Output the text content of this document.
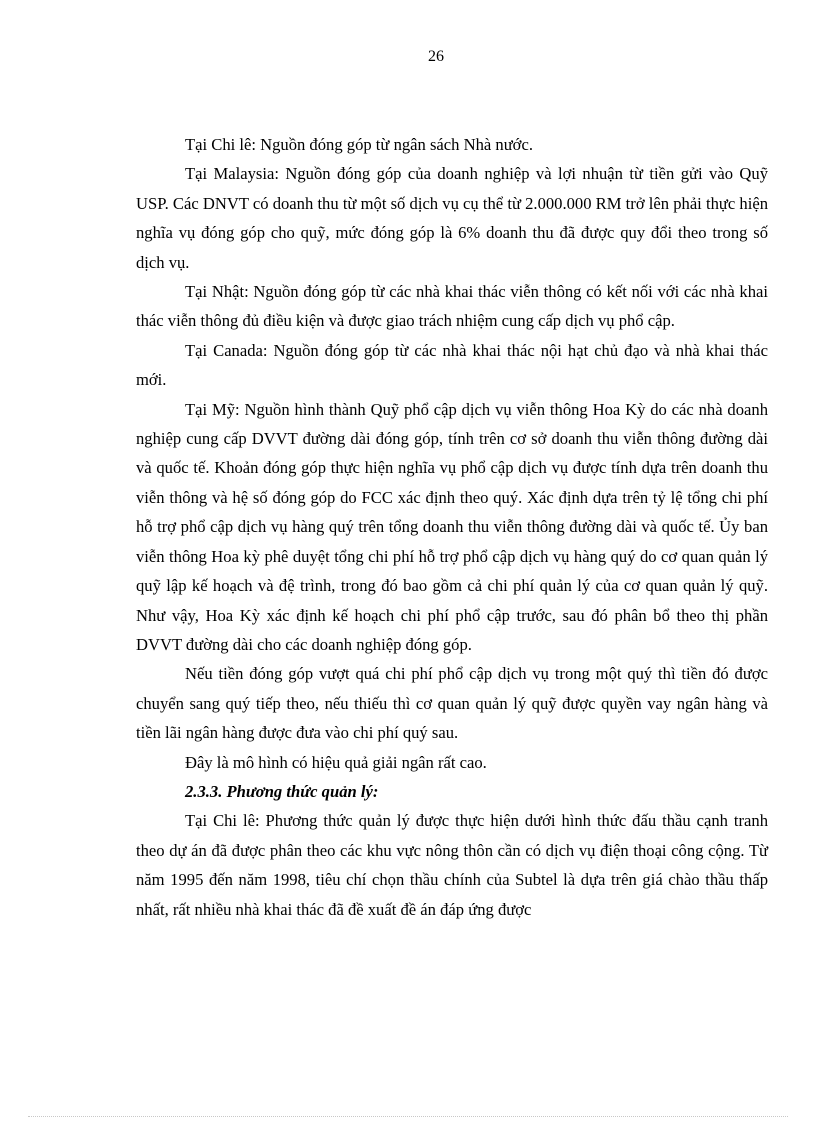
26

Tại Chi lê: Nguồn đóng góp từ ngân sách Nhà nước.

Tại Malaysia: Nguồn đóng góp của doanh nghiệp và lợi nhuận từ tiền gửi vào Quỹ USP. Các DNVT có doanh thu từ một số dịch vụ cụ thể từ 2.000.000 RM trở lên phải thực hiện nghĩa vụ đóng góp cho quỹ, mức đóng góp là 6% doanh thu đã được quy đổi theo trong số dịch vụ.

Tại Nhật: Nguồn đóng góp từ các nhà khai thác viễn thông có kết nối với các nhà khai thác viễn thông đủ điều kiện và được giao trách nhiệm cung cấp dịch vụ phổ cập.

Tại Canada: Nguồn đóng góp từ các nhà khai thác nội hạt chủ đạo và nhà khai thác mới.

Tại Mỹ: Nguồn hình thành Quỹ phổ cập dịch vụ viễn thông Hoa Kỳ do các nhà doanh nghiệp cung cấp DVVT đường dài đóng góp, tính trên cơ sở doanh thu viễn thông đường dài và quốc tế. Khoản đóng góp thực hiện nghĩa vụ phổ cập dịch vụ được tính dựa trên doanh thu viễn thông và hệ số đóng góp do FCC xác định theo quý. Xác định dựa trên tỷ lệ tổng chi phí hỗ trợ phổ cập dịch vụ hàng quý trên tổng doanh thu viễn thông đường dài và quốc tế. Ủy ban viễn thông Hoa kỳ phê duyệt tổng chi phí hỗ trợ phổ cập dịch vụ hàng quý do cơ quan quản lý quỹ lập kế hoạch và đệ trình, trong đó bao gồm cả chi phí quản lý của cơ quan quản lý quỹ. Như vậy, Hoa Kỳ xác định kế hoạch chi phí phổ cập trước, sau đó phân bổ theo thị phần DVVT đường dài cho các doanh nghiệp đóng góp.

Nếu tiền đóng góp vượt quá chi phí phổ cập dịch vụ trong một quý thì tiền đó được chuyển sang quý tiếp theo, nếu thiếu thì cơ quan quản lý quỹ được quyền vay ngân hàng và tiền lãi ngân hàng được đưa vào chi phí quý sau.

Đây là mô hình có hiệu quả giải ngân rất cao.

2.3.3. Phương thức quản lý:

Tại Chi lê: Phương thức quản lý được thực hiện dưới hình thức đấu thầu cạnh tranh theo dự án đã được phân theo các khu vực nông thôn cần có dịch vụ điện thoại công cộng. Từ năm 1995 đến năm 1998, tiêu chí chọn thầu chính của Subtel là dựa trên giá chào thầu thấp nhất, rất nhiều nhà khai thác đã đề xuất đề án đáp ứng được
